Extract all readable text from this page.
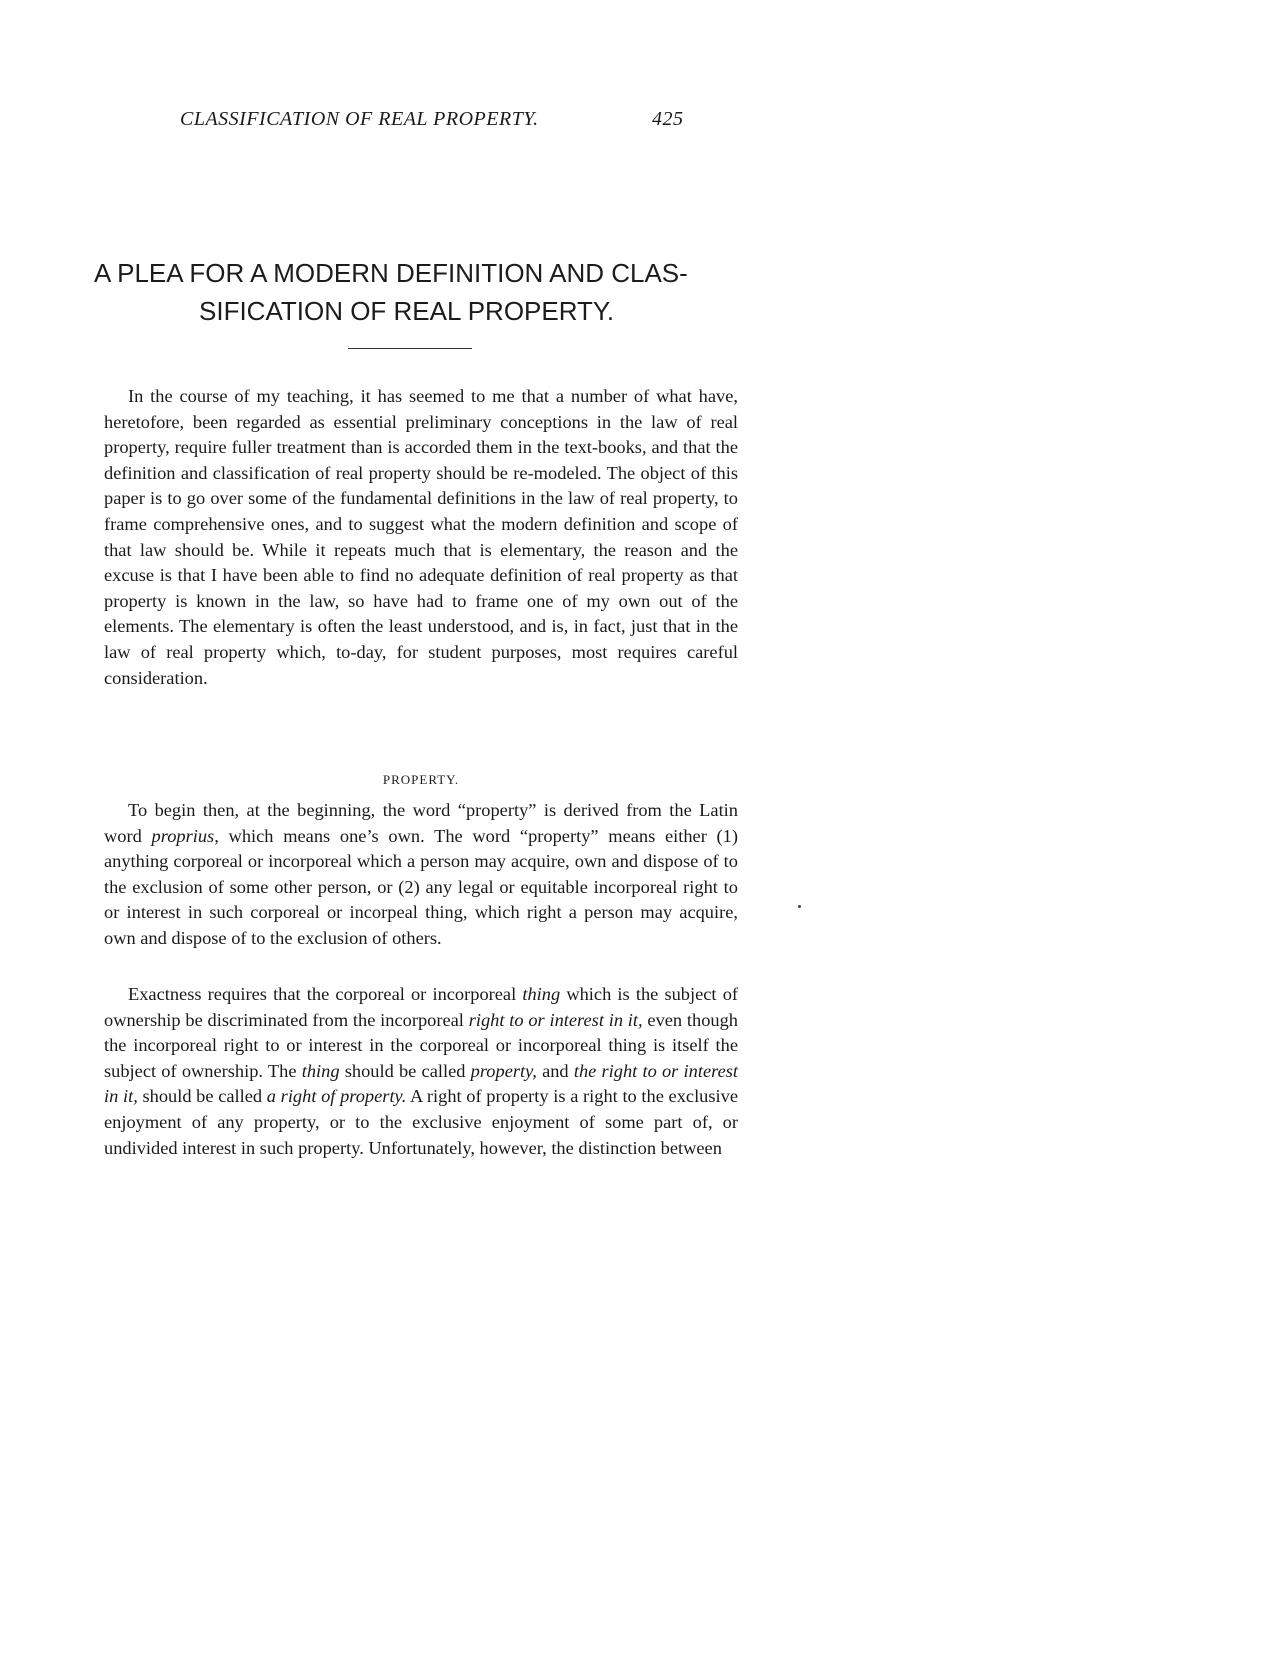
CLASSIFICATION OF REAL PROPERTY.	425
A PLEA FOR A MODERN DEFINITION AND CLAS-
SIFICATION OF REAL PROPERTY.

In the course of my teaching, it has seemed to me that a number of what have, heretofore, been regarded as essential preliminary conceptions in the law of real property, require fuller treatment than is accorded them in the text-books, and that the definition and classification of real property should be re-modeled. The object of this paper is to go over some of the fundamental definitions in the law of real property, to frame comprehensive ones, and to suggest what the modern definition and scope of that law should be. While it repeats much that is elementary, the reason and the excuse is that I have been able to find no adequate definition of real property as that property is known in the law, so have had to frame one of my own out of the elements. The elementary is often the least understood, and is, in fact, just that in the law of real property which, to-day, for student purposes, most requires careful consideration.

PROPERTY.

To begin then, at the beginning, the word “property” is derived from the Latin word proprius, which means one’s own. The word “property” means either (1) anything corporeal or incorporeal which a person may acquire, own and dispose of to the exclusion of some other person, or (2) any legal or equitable incorporeal right to or interest in such corporeal or incorpeal thing, which right a person may acquire, own and dispose of to the exclusion of others.

Exactness requires that the corporeal or incorporeal thing which is the subject of ownership be discriminated from the incorporeal right to or interest in it, even though the incorporeal right to or interest in the corporeal or incorporeal thing is itself the subject of ownership. The thing should be called property, and the right to or interest in it, should be called a right of property. A right of property is a right to the exclusive enjoyment of any property, or to the exclusive enjoyment of some part of, or undivided interest in such property. Unfortunately, however, the distinction between
